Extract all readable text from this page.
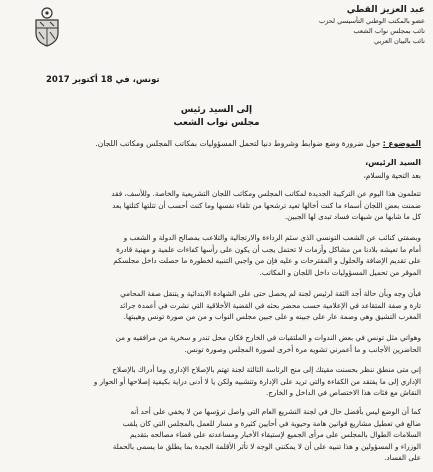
عبد العزيز القطي
عضو بالمكتب الوطني التأسيسي لحزب
نائب بمجلس نواب الشعب
نائب بالبيان العربي
تونس، في 18 أكتوبر 2017
إلى السيد رئيس
مجلس نواب الشعب
الموضوع : حول ضرورة وضع ضوابط وشروط دنيا لتحمل المسؤوليات بمكاتب المجلس ومكاتب اللجان.
السيد الرئيس،
بعد التحية والسلام،
تتعلمون هذا اليوم عن التركيبة الجديدة لمكاتب المجلس ومكاتب اللجان التشريعية والخاصة. وللأسف، فقد
ضمنت بعض اللجان أسماء ما كنت أخالها تعيد ترشحها من تلقاء نفسها وما كنت أحسب أن تتلتها كتلتها بعد
كل ما شابها من شبهات فساد تبدى لها الجبين.
وبصفتي كنائب عن الشعب التونسي الذي سئم الرداءة والارتجالية والتلاعب بمصالح الدولة و الشعب و
أمام ما تعيشه بلادنا من مشاكل وأزمات لا تحتمل يجب أن يكون على رأسها كفاءات علمية و مهنية قادرة
على تقديم الإضافة والحلول و المقترحات و عليه فإن من واجبي التنبيه لخطورة ما حصلت داخل مجلسكم
الموقر من تحميل المسؤوليات داخل اللجان و المكاتب.
فبأن وجه وبأن حالة أجد الثقة لرئيس لجنة لم يحصل حتى على الشهادة الابتدائية و يتنقل صفة المحامي
تارة و صفة المتقاعد في الإعلامية حسب محضر بحثه في القضية الأخلاقية التي نشرت في أعمدة جرائد
المغرب التشيق وهي وصمة عار على جبينه و على جبين مجلس النواب و من من صورة تونس وهيبتها.
وهواتي مثل تونس في بعض الندوات و الملتقيات في الخارج فكان محل تندر و سخرية من مرافقيه و من
الحاضرين الأجانب و ما أعمرني تشويه مرة أخرى لصورة المجلس وصورة تونس.
إني متى منطق ننظر بحسنت مقيتك إلى منح الرئاسة الثالثة لجنة تهتم بالإصلاح الإداري وما أدراك بالإصلاح
الإداري إلى ما يفتقد من الكفاءة والتي تريد على الإدارة وتتشبيه ولكن يا لا أدنى دراية بكيفية إصلاحها أو الحوار و
النقاش مع فئات هذا الاختصاص في الداخل و الخارج.
كما أن الوضع ليس بأفضل حال في لجنة التشريع العام التي واصل ترؤسها من لا يخفي على أحد أنه
ضالع في تعطيل مشاريع قوانين هامة وحيوية في أحايين كثيرة و مسار للعمل بالمجلس التي كان يلقب
السلامات الطوال بالمجلس على مرأى الجميع لإستيقاء الأخبار ومساعدته على قضاء مصالحه بتقديم
الوزراء و المسؤولين و هذا تنبيه على أن لا يمكنني الوجه لا تأثر الأقلمة الجيدة بما يطلق ما يسمى بالحملة
على الفساد.
